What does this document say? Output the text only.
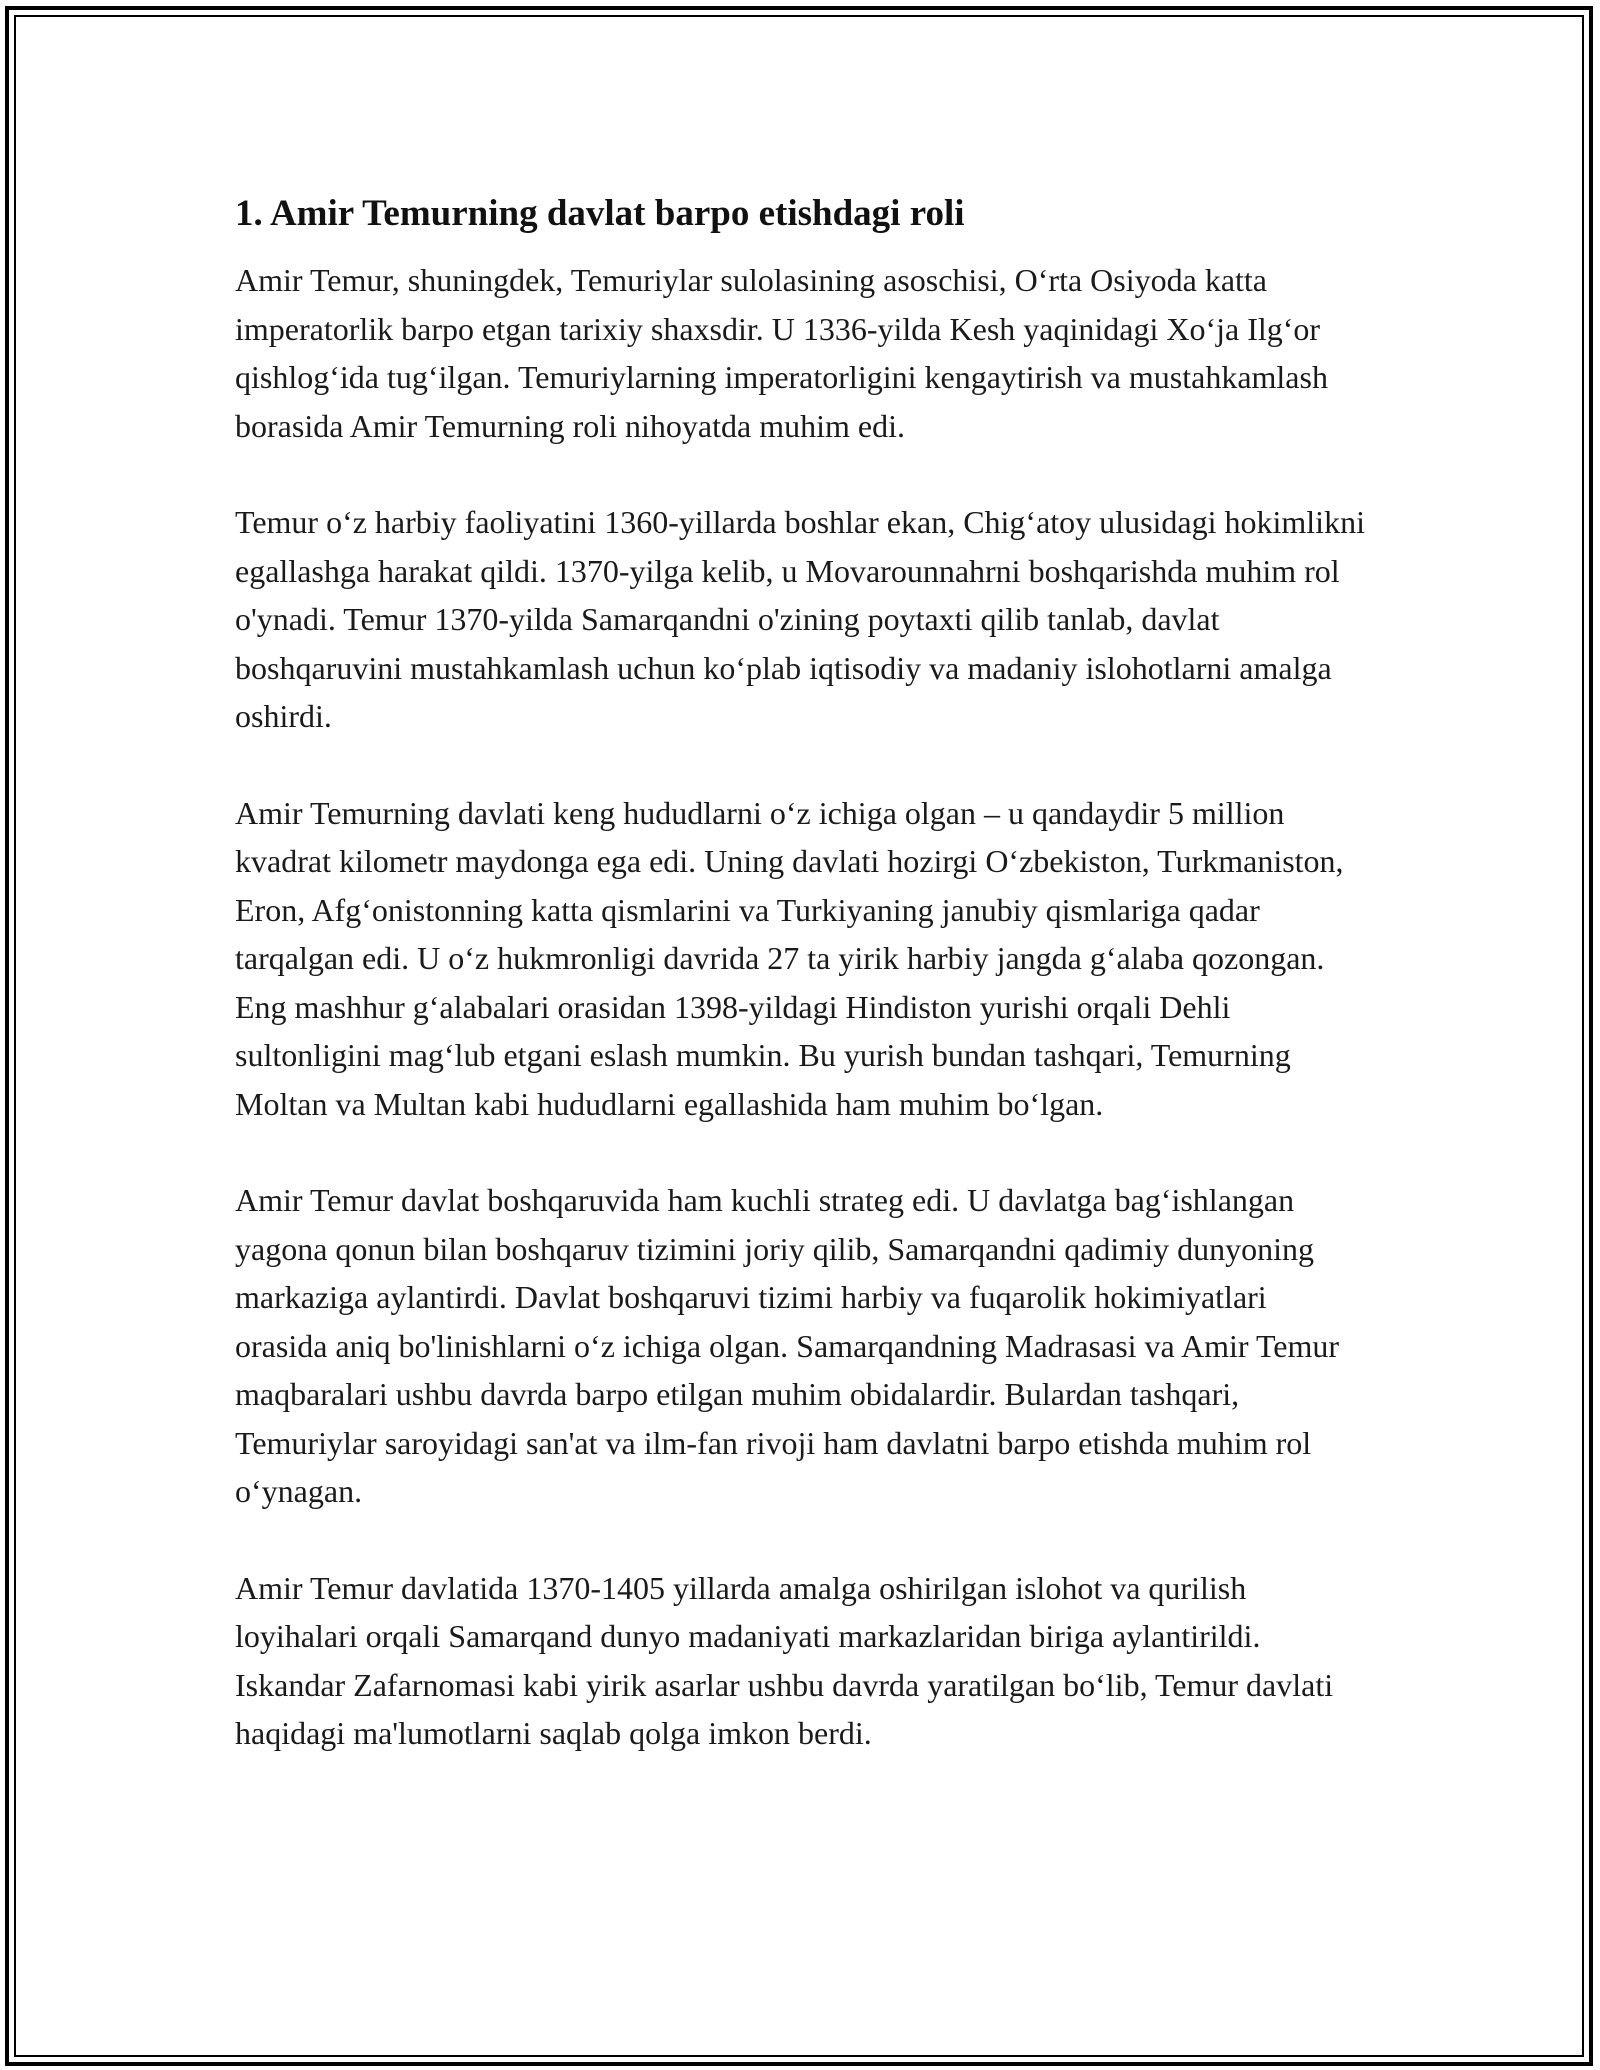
1. Amir Temurning davlat barpo etishdagi roli

Amir Temur, shuningdek, Temuriylar sulolasining asoschisi, O‘rta Osiyoda katta imperatorlik barpo etgan tarixiy shaxsdir. U 1336-yilda Kesh yaqinidagi Xo‘ja Ilg‘or qishlog‘ida tug‘ilgan. Temuriylarning imperatorligini kengaytirish va mustahkamlash borasida Amir Temurning roli nihoyatda muhim edi.

Temur o‘z harbiy faoliyatini 1360-yillarda boshlar ekan, Chig‘atoy ulusidagi hokimlikni egallashga harakat qildi. 1370-yilga kelib, u Movarounnahrni boshqarishda muhim rol o'ynadi. Temur 1370-yilda Samarqandni o'zining poytaxti qilib tanlab, davlat boshqaruvini mustahkamlash uchun ko‘plab iqtisodiy va madaniy islohotlarni amalga oshirdi.

Amir Temurning davlati keng hududlarni o‘z ichiga olgan – u qandaydir 5 million kvadrat kilometr maydonga ega edi. Uning davlati hozirgi O‘zbekiston, Turkmaniston, Eron, Afg‘onistonning katta qismlarini va Turkiyaning janubiy qismlariga qadar tarqalgan edi. U o‘z hukmronligi davrida 27 ta yirik harbiy jangda g‘alaba qozongan. Eng mashhur g‘alabalari orasidan 1398-yildagi Hindiston yurishi orqali Dehli sultonligini mag‘lub etgani eslash mumkin. Bu yurish bundan tashqari, Temurning Moltan va Multan kabi hududlarni egallashida ham muhim bo‘lgan.

Amir Temur davlat boshqaruvida ham kuchli strateg edi. U davlatga bag‘ishlangan yagona qonun bilan boshqaruv tizimini joriy qilib, Samarqandni qadimiy dunyoning markaziga aylantirdi. Davlat boshqaruvi tizimi harbiy va fuqarolik hokimiyatlari orasida aniq bo'linishlarni o‘z ichiga olgan. Samarqandning Madrasasi va Amir Temur maqbaralari ushbu davrda barpo etilgan muhim obidalardir. Bulardan tashqari, Temuriylar saroyidagi san'at va ilm-fan rivoji ham davlatni barpo etishda muhim rol o‘ynagan.

Amir Temur davlatida 1370-1405 yillarda amalga oshirilgan islohot va qurilish loyihalari orqali Samarqand dunyo madaniyati markazlaridan biriga aylantirildi. Iskandar Zafarnomasi kabi yirik asarlar ushbu davrda yaratilgan bo‘lib, Temur davlati haqidagi ma'lumotlarni saqlab qolga imkon berdi.
